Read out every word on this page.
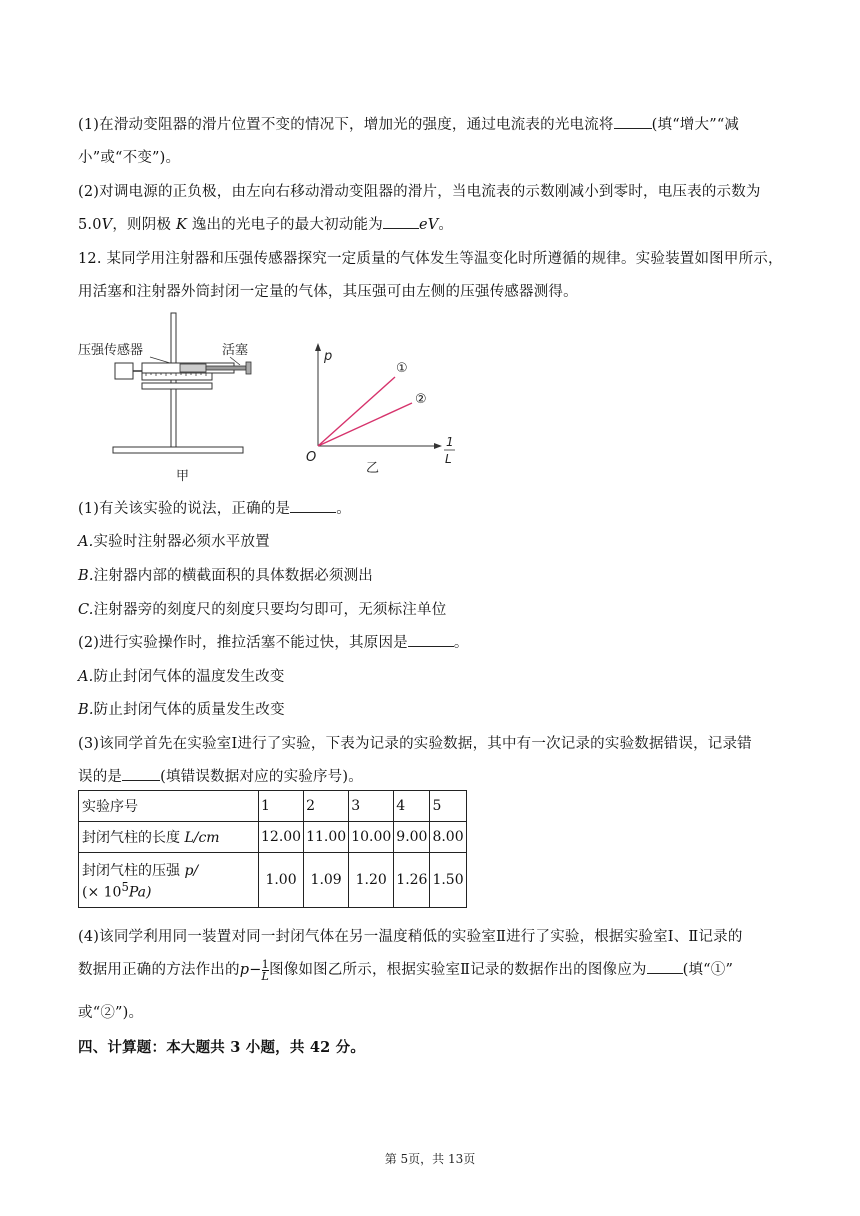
(1)在滑动变阻器的滑片位置不变的情况下，增加光的强度，通过电流表的光电流将	(填“增大”“减
小”或“不变”)。
(2)对调电源的正负极，由左向右移动滑动变阻器的滑片，当电流表的示数刚减小到零时，电压表的示数为
5.0V，则阴极 K 逸出的光电子的最大初动能为 eV。
12. 某同学用注射器和压强传感器探究一定质量的气体发生等温变化时所遵循的规律。实验装置如图甲所示，
用活塞和注射器外筒封闭一定量的气体，其压强可由左侧的压强传感器测得。
压强传感器	活塞
甲
p
1
L
O
①
②
乙
(1)有关该实验的说法，正确的是	。
A.实验时注射器必须水平放置
B.注射器内部的横截面积的具体数据必须测出
C.注射器旁的刻度尺的刻度只要均匀即可，无须标注单位
(2)进行实验操作时，推拉活塞不能过快，其原因是	。
A.防止封闭气体的温度发生改变
B.防止封闭气体的质量发生改变
(3)该同学首先在实验室Ⅰ进行了实验，下表为记录的实验数据，其中有一次记录的实验数据错误，记录错
误的是	(填错误数据对应的实验序号)。
实验序号	1	2	3	4	5
封闭气柱的长度 L/cm	12.00	11.00	10.00	9.00	8.00

封闭气柱的压强 p/
(× $10^5Pa$)	1.00	1.09	1.20	1.26	1.50
(4)该同学利用同一装置对同一封闭气体在另一温度稍低的实验室Ⅱ进行了实验，根据实验室Ⅰ、Ⅱ记录的
数据用正确的方法作出的$p- \frac{1}{L}$ 图像如图乙所示，根据实验室Ⅱ记录的数据作出的图像应为 (填“①”
或“②”)。
四、计算题：本大题共 3 小题，共 42 分。
第 5页，共 13页
